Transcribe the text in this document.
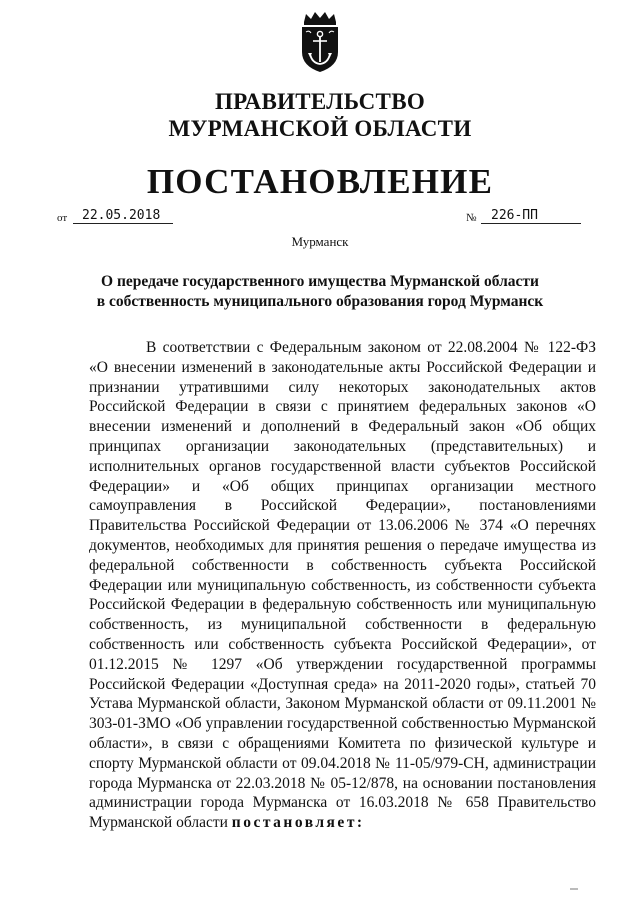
ПРАВИТЕЛЬСТВО
МУРМАНСКОЙ ОБЛАСТИ
ПОСТАНОВЛЕНИЕ
от	22.05.2018	№	226-ПП
Мурманск
О передаче государственного имущества Мурманской области
в собственность муниципального образования город Мурманск

В соответствии с Федеральным законом от 22.08.2004 № 122-ФЗ «О внесении изменений в законодательные акты Российской Федерации и признании утратившими силу некоторых законодательных актов Российской Федерации в связи с принятием федеральных законов «О внесении изменений и дополнений в Федеральный закон «Об общих принципах организации законодательных (представительных) и исполнительных органов государственной власти субъектов Российской Федерации» и «Об общих принципах организации местного самоуправления в Российской Федерации», постановлениями Правительства Российской Федерации от 13.06.2006 № 374 «О перечнях документов, необходимых для принятия решения о передаче имущества из федеральной собственности в собственность субъекта Российской Федерации или муниципальную собственность, из собственности субъекта Российской Федерации в федеральную собственность или муниципальную собственность, из муниципальной собственности в федеральную собственность или собственность субъекта Российской Федерации», от 01.12.2015 № 1297 «Об утверждении государственной программы Российской Федерации «Доступная среда» на 2011-2020 годы», статьей 70 Устава Мурманской области, Законом Мурманской области от 09.11.2001 № 303-01-ЗМО «Об управлении государственной собственностью Мурманской области», в связи с обращениями Комитета по физической культуре и спорту Мурманской области от 09.04.2018 № 11-05/979-СН, администрации города Мурманска от 22.03.2018 № 05-12/878, на основании постановления администрации города Мурманска от 16.03.2018 № 658 Правительство Мурманской области постановляет:
